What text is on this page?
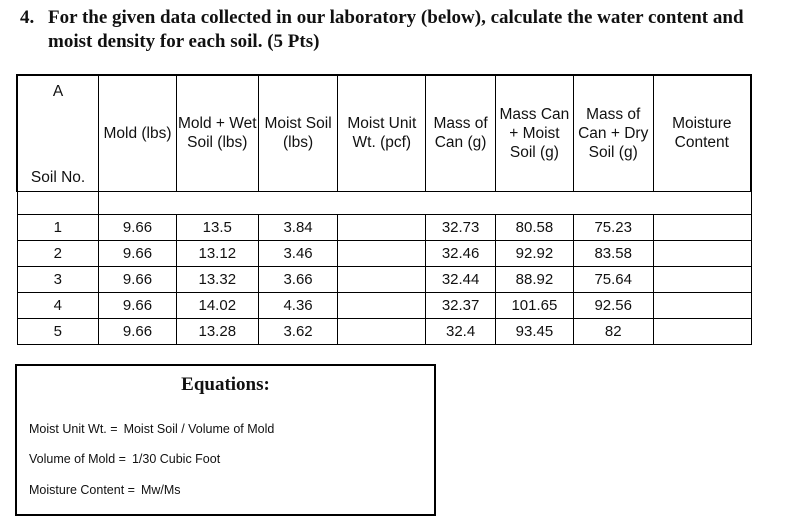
4. For the given data collected in our laboratory (below), calculate the water content and moist density for each soil. (5 Pts)
A
Soil No.	Mold (lbs)	Mold + Wet Soil (lbs)	Moist Soil (lbs)	Moist Unit Wt. (pcf)	Mass of Can (g)	Mass Can + Moist Soil (g)	Mass of Can + Dry Soil (g)	Moisture Content

1	9.66	13.5	3.84		32.73	80.58	75.23	
2	9.66	13.12	3.46		32.46	92.92	83.58	
3	9.66	13.32	3.66		32.44	88.92	75.64	
4	9.66	14.02	4.36		32.37	101.65	92.56	
5	9.66	13.28	3.62		32.4	93.45	82	
Equations:
Moist Unit Wt. = Moist Soil / Volume of Mold
Volume of Mold = 1/30 Cubic Foot
Moisture Content = Mw/Ms
